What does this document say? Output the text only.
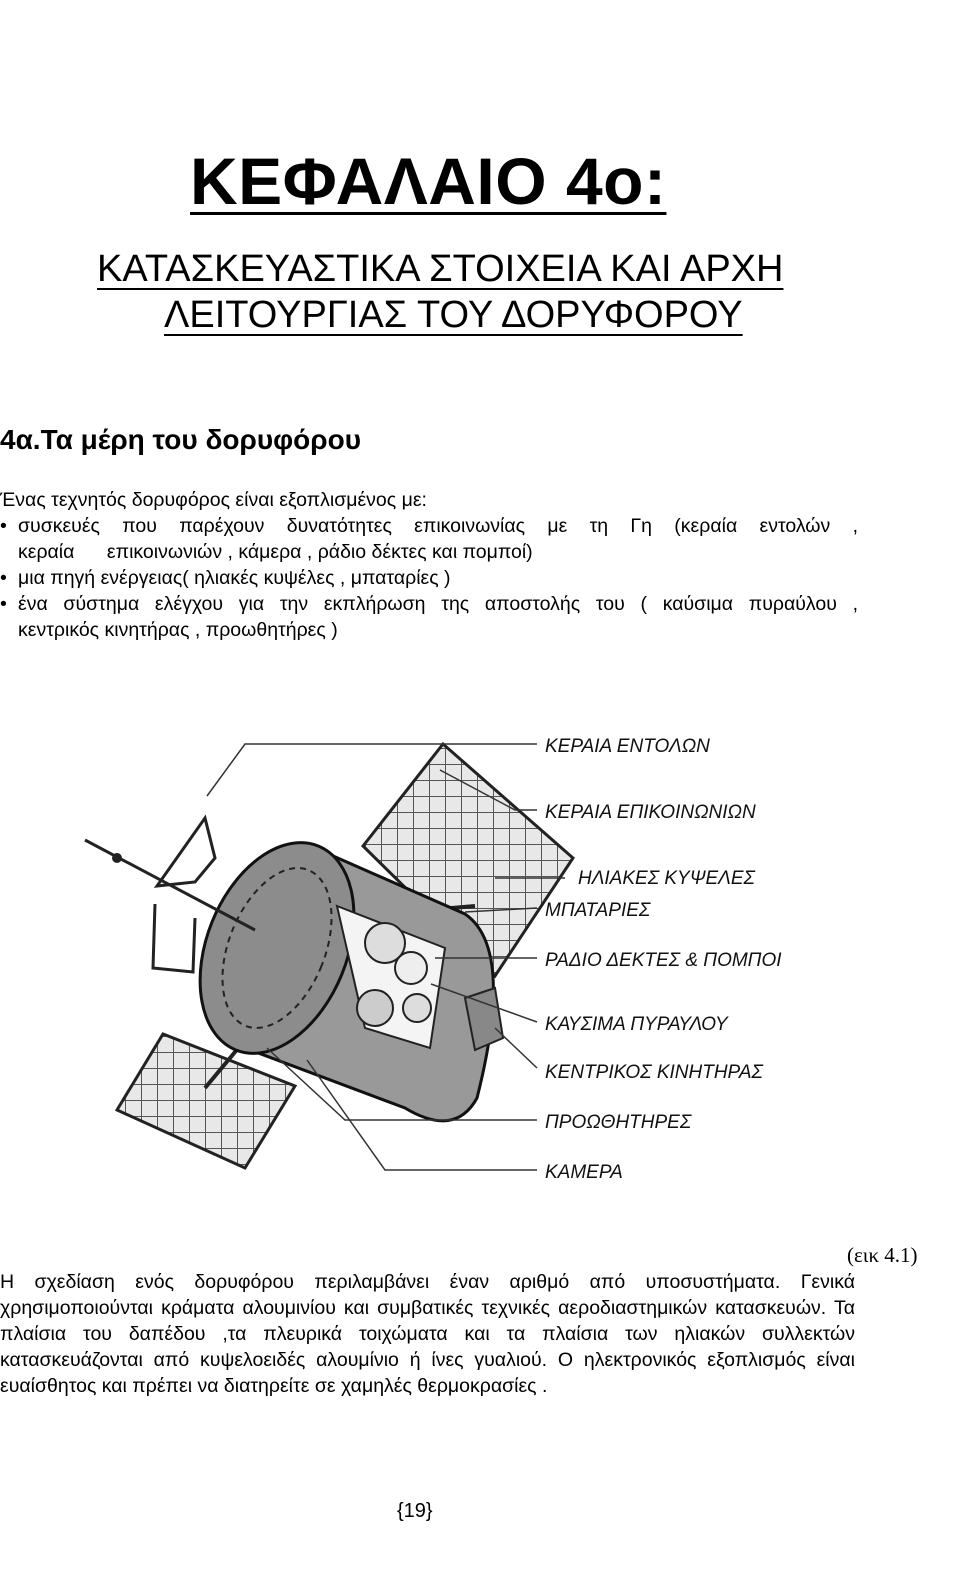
ΚΕΦΑΛΑΙΟ 4ο:
ΚΑΤΑΣΚΕΥΑΣΤΙΚΑ ΣΤΟΙΧΕΙΑ ΚΑΙ ΑΡΧΗ
ΛΕΙΤΟΥΡΓΙΑΣ ΤΟΥ ΔΟΡΥΦΟΡΟΥ
4α.Τα μέρη του δορυφόρου
Ένας τεχνητός δορυφόρος είναι εξοπλισμένος με:
• συσκευές που παρέχουν δυνατότητες επικοινωνίας με τη Γη (κεραία εντολών ,
κεραία      επικοινωνιών , κάμερα , ράδιο δέκτες και πομποί)
• μια πηγή ενέργειας( ηλιακές κυψέλες , μπαταρίες )
• ένα σύστημα ελέγχου για την εκπλήρωση της αποστολής του ( καύσιμα πυραύλου ,
κεντρικός κινητήρας , προωθητήρες )
ΚΕΡΑΙΑ ΕΝΤΟΛΩΝ
ΚΕΡΑΙΑ ΕΠΙΚΟΙΝΩΝΙΩΝ
ΗΛΙΑΚΕΣ ΚΥΨΕΛΕΣ
ΜΠΑΤΑΡΙΕΣ
ΡΑΔΙΟ ΔΕΚΤΕΣ & ΠΟΜΠΟΙ
ΚΑΥΣΙΜΑ ΠΥΡΑΥΛΟΥ
ΚΕΝΤΡΙΚΟΣ ΚΙΝΗΤΗΡΑΣ
ΠΡΟΩΘΗΤΗΡΕΣ
ΚΑΜΕΡΑ
(εικ 4.1)

Η σχεδίαση ενός δορυφόρου περιλαμβάνει έναν αριθμό από υποσυστήματα. Γενικά χρησιμοποιούνται κράματα αλουμινίου και συμβατικές τεχνικές αεροδιαστημικών κατασκευών. Τα πλαίσια του δαπέδου ,τα πλευρικά τοιχώματα και τα πλαίσια των ηλιακών συλλεκτών κατασκευάζονται από κυψελοειδές αλουμίνιο ή ίνες γυαλιού. Ο ηλεκτρονικός εξοπλισμός είναι ευαίσθητος και πρέπει να διατηρείτε σε χαμηλές θερμοκρασίες .

{19}
